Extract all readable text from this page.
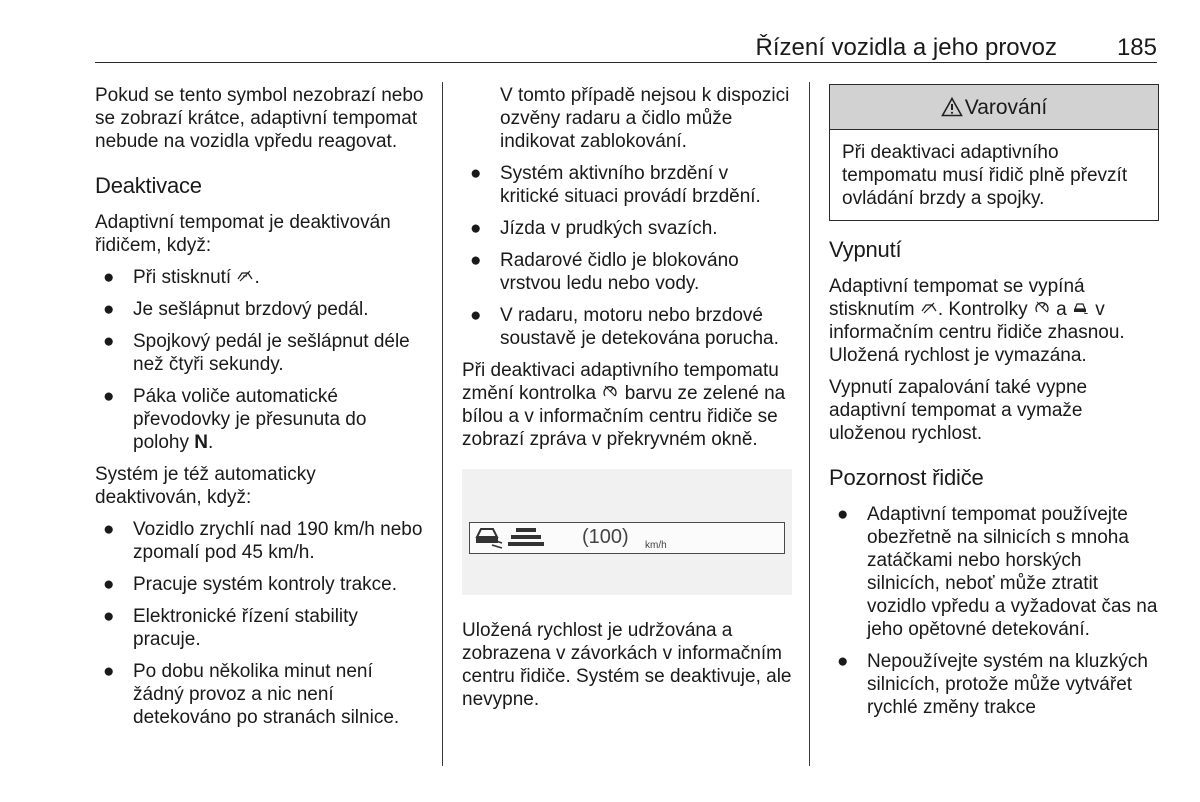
Řízení vozidla a jeho provoz 185

Pokud se tento symbol nezobrazí nebo se zobrazí krátce, adaptivní tempomat nebude na vozidla vpředu reagovat.

Deaktivace

Adaptivní tempomat je deaktivován řidičem, když:

● Při stisknutí .
● Je sešlápnut brzdový pedál.
● Spojkový pedál je sešlápnut déle než čtyři sekundy.
● Páka voliče automatické převodovky je přesunuta do polohy N.

Systém je též automaticky deaktivován, když:

● Vozidlo zrychlí nad 190 km/h nebo zpomalí pod 45 km/h.
● Pracuje systém kontroly trakce.
● Elektronické řízení stability pracuje.
● Po dobu několika minut není žádný provoz a nic není detekováno po stranách silnice.

V tomto případě nejsou k dispozici ozvěny radaru a čidlo může indikovat zablokování.

● Systém aktivního brzdění v kritické situaci provádí brzdění.
● Jízda v prudkých svazích.
● Radarové čidlo je blokováno vrstvou ledu nebo vody.
● V radaru, motoru nebo brzdové soustavě je detekována porucha.

Při deaktivaci adaptivního tempomatu změní kontrolka barvu ze zelené na bílou a v informačním centru řidiče se zobrazí zpráva v překryvném okně.

(100) km/h

Uložená rychlost je udržována a zobrazena v závorkách v informačním centru řidiče. Systém se deaktivuje, ale nevypne.

Varování
Při deaktivaci adaptivního tempomatu musí řidič plně převzít ovládání brzdy a spojky.
Vypnutí

Adaptivní tempomat se vypíná stisknutím . Kontrolky a v informačním centru řidiče zhasnou. Uložená rychlost je vymazána.

Vypnutí zapalování také vypne adaptivní tempomat a vymaže uloženou rychlost.

Pozornost řidiče
● Adaptivní tempomat používejte obezřetně na silnicích s mnoha zatáčkami nebo horských silnicích, neboť může ztratit vozidlo vpředu a vyžadovat čas na jeho opětovné detekování.
● Nepoužívejte systém na kluzkých silnicích, protože může vytvářet rychlé změny trakce
